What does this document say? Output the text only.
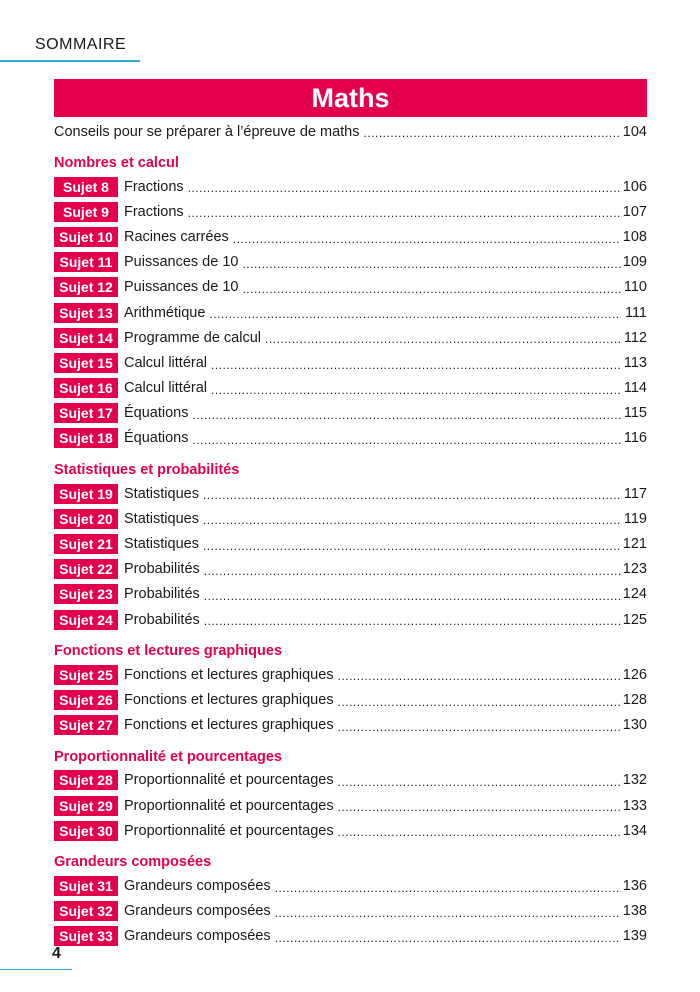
SOMMAIRE
Maths
Conseils pour se préparer à l’épreuve de maths .....	104
Nombres et calcul
Sujet 8	Fractions .....	106
Sujet 9	Fractions .....	107
Sujet 10 Racines carrées .....	108
Sujet 11 Puissances de 10 .....	109
Sujet 12 Puissances de 10 .....	110
Sujet 13 Arithmétique .....	111
Sujet 14 Programme de calcul .....	112
Sujet 15 Calcul littéral .....	113
Sujet 16 Calcul littéral .....	114
Sujet 17 Équations .....	115
Sujet 18 Équations .....	116
Statistiques et probabilités
Sujet 19 Statistiques .....	117
Sujet 20 Statistiques .....	119
Sujet 21 Statistiques .....	121
Sujet 22 Probabilités .....	123
Sujet 23 Probabilités .....	124
Sujet 24 Probabilités .....	125
Fonctions et lectures graphiques
Sujet 25 Fonctions et lectures graphiques .....	126
Sujet 26 Fonctions et lectures graphiques .....	128
Sujet 27 Fonctions et lectures graphiques .....	130
Proportionnalité et pourcentages
Sujet 28 Proportionnalité et pourcentages .....	132
Sujet 29 Proportionnalité et pourcentages .....	133
Sujet 30 Proportionnalité et pourcentages .....	134
Grandeurs composées
Sujet 31 Grandeurs composées .....	136
Sujet 32 Grandeurs composées .....	138
Sujet 33 Grandeurs composées .....	139
4
